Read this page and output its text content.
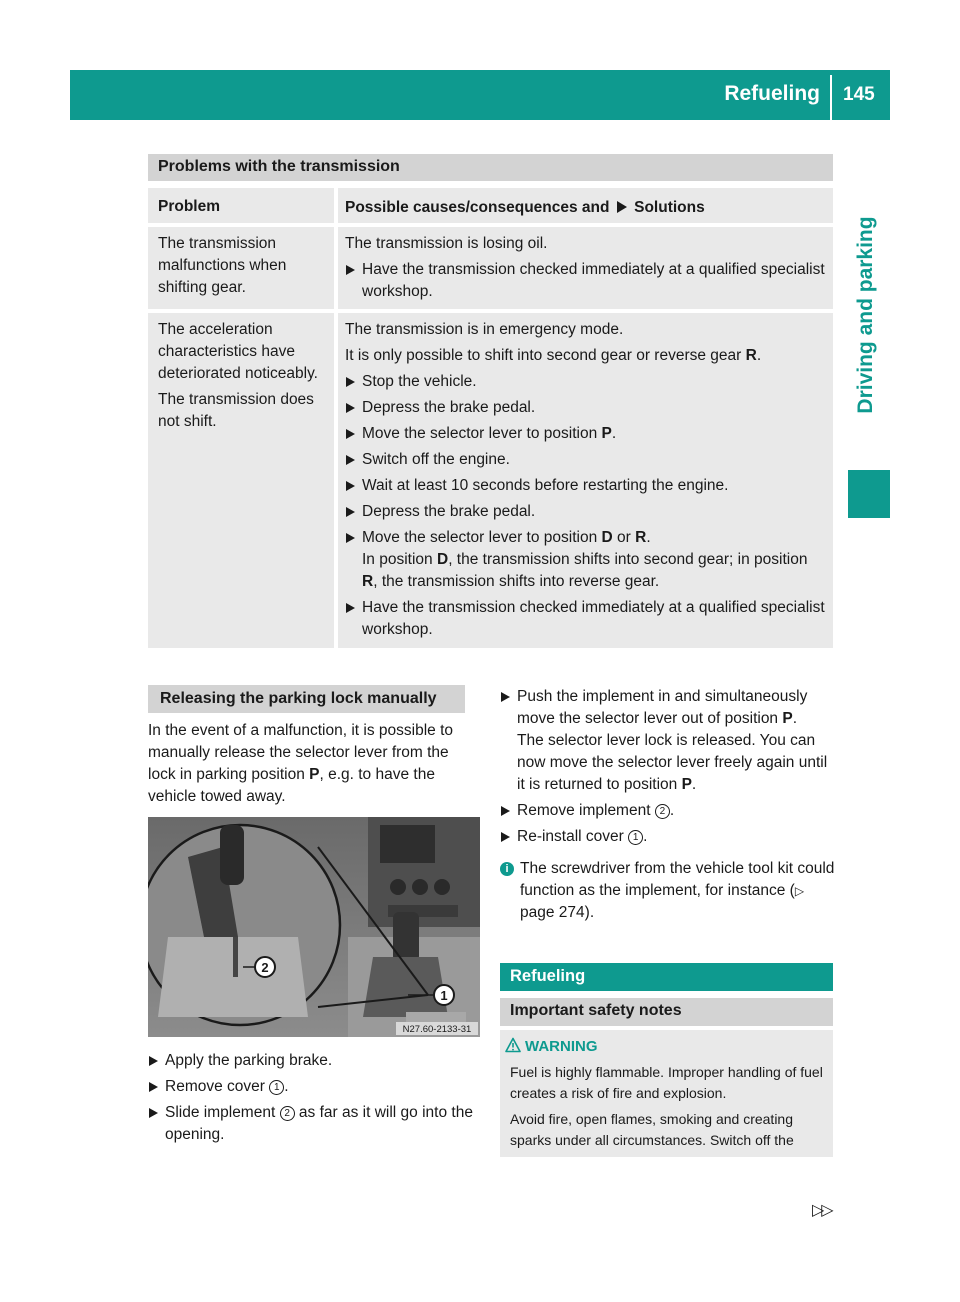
Refueling 145
Driving and parking
Problems with the transmission
Problem	Possible causes/consequences and Solutions
The transmission malfunctions when shifting gear.
The transmission is losing oil.
Have the transmission checked immediately at a qualified specialist workshop.
The acceleration characteristics have deteriorated noticeably.
The transmission does not shift.
The transmission is in emergency mode.
It is only possible to shift into second gear or reverse gear R.
Stop the vehicle.
Depress the brake pedal.
Move the selector lever to position P.
Switch off the engine.
Wait at least 10 seconds before restarting the engine.
Depress the brake pedal.
Move the selector lever to position D or R.
In position D, the transmission shifts into second gear; in position R, the transmission shifts into reverse gear.
Have the transmission checked immediately at a qualified specialist workshop.
Releasing the parking lock manually
In the event of a malfunction, it is possible to manually release the selector lever from the lock in parking position P, e.g. to have the vehicle towed away.
2
1
N27.60-2133-31
Apply the parking brake.
Remove cover 1 .
Slide implement 2 as far as it will go into the opening.
Push the implement in and simultaneously move the selector lever out of position P.
The selector lever lock is released. You can now move the selector lever freely again until it is returned to position P.
Remove implement 2 .
Re-install cover 1 .
i The screwdriver from the vehicle tool kit could function as the implement, for instance (▷ page 274).
Refueling
Important safety notes
WARNING
Fuel is highly flammable. Improper handling of fuel creates a risk of fire and explosion.
Avoid fire, open flames, smoking and creating sparks under all circumstances. Switch off the
▷▷
